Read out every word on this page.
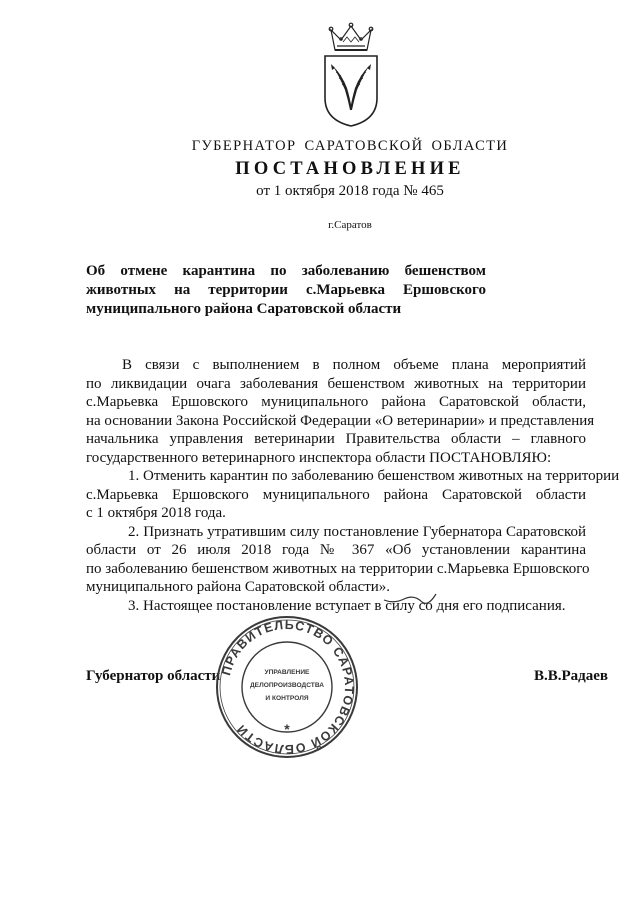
ГУБЕРНАТОР САРАТОВСКОЙ ОБЛАСТИ
ПОСТАНОВЛЕНИЕ
от 1 октября 2018 года № 465
г.Саратов
Об отмене карантина по заболеванию бешенством
животных на территории с.Марьевка Ершовского
муниципального района Саратовской области
В связи с выполнением в полном объеме плана мероприятий
по ликвидации очага заболевания бешенством животных на территории
с.Марьевка Ершовского муниципального района Саратовской области,
на основании Закона Российской Федерации «О ветеринарии» и представления
начальника управления ветеринарии Правительства области – главного
государственного ветеринарного инспектора области ПОСТАНОВЛЯЮ:
1. Отменить карантин по заболеванию бешенством животных на территории
с.Марьевка Ершовского муниципального района Саратовской области
с 1 октября 2018 года.
2. Признать утратившим силу постановление Губернатора Саратовской
области от 26 июля 2018 года № 367 «Об установлении карантина
по заболеванию бешенством животных на территории с.Марьевка Ершовского
муниципального района Саратовской области».
3. Настоящее постановление вступает в силу со дня его подписания.
Губернатор области	В.В.Радаев
ПРАВИТЕЛЬСТВО САРАТОВСКОЙ ОБЛАСТИ
УПРАВЛЕНИЕ
ДЕЛОПРОИЗВОДСТВА
И КОНТРОЛЯ
*
